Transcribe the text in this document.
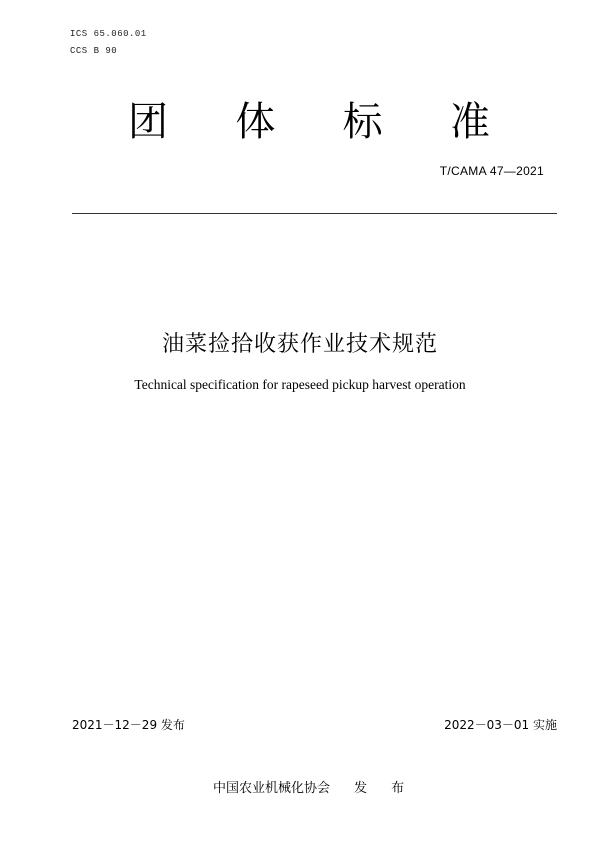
ICS 65.060.01
CCS B 90
团 体 标 准
T/CAMA 47—2021
油菜捡拾收获作业技术规范
Technical specification for rapeseed pickup harvest operation
2021－12－29 发布	2022－03－01 实施
中国农业机械化协会 发 布
